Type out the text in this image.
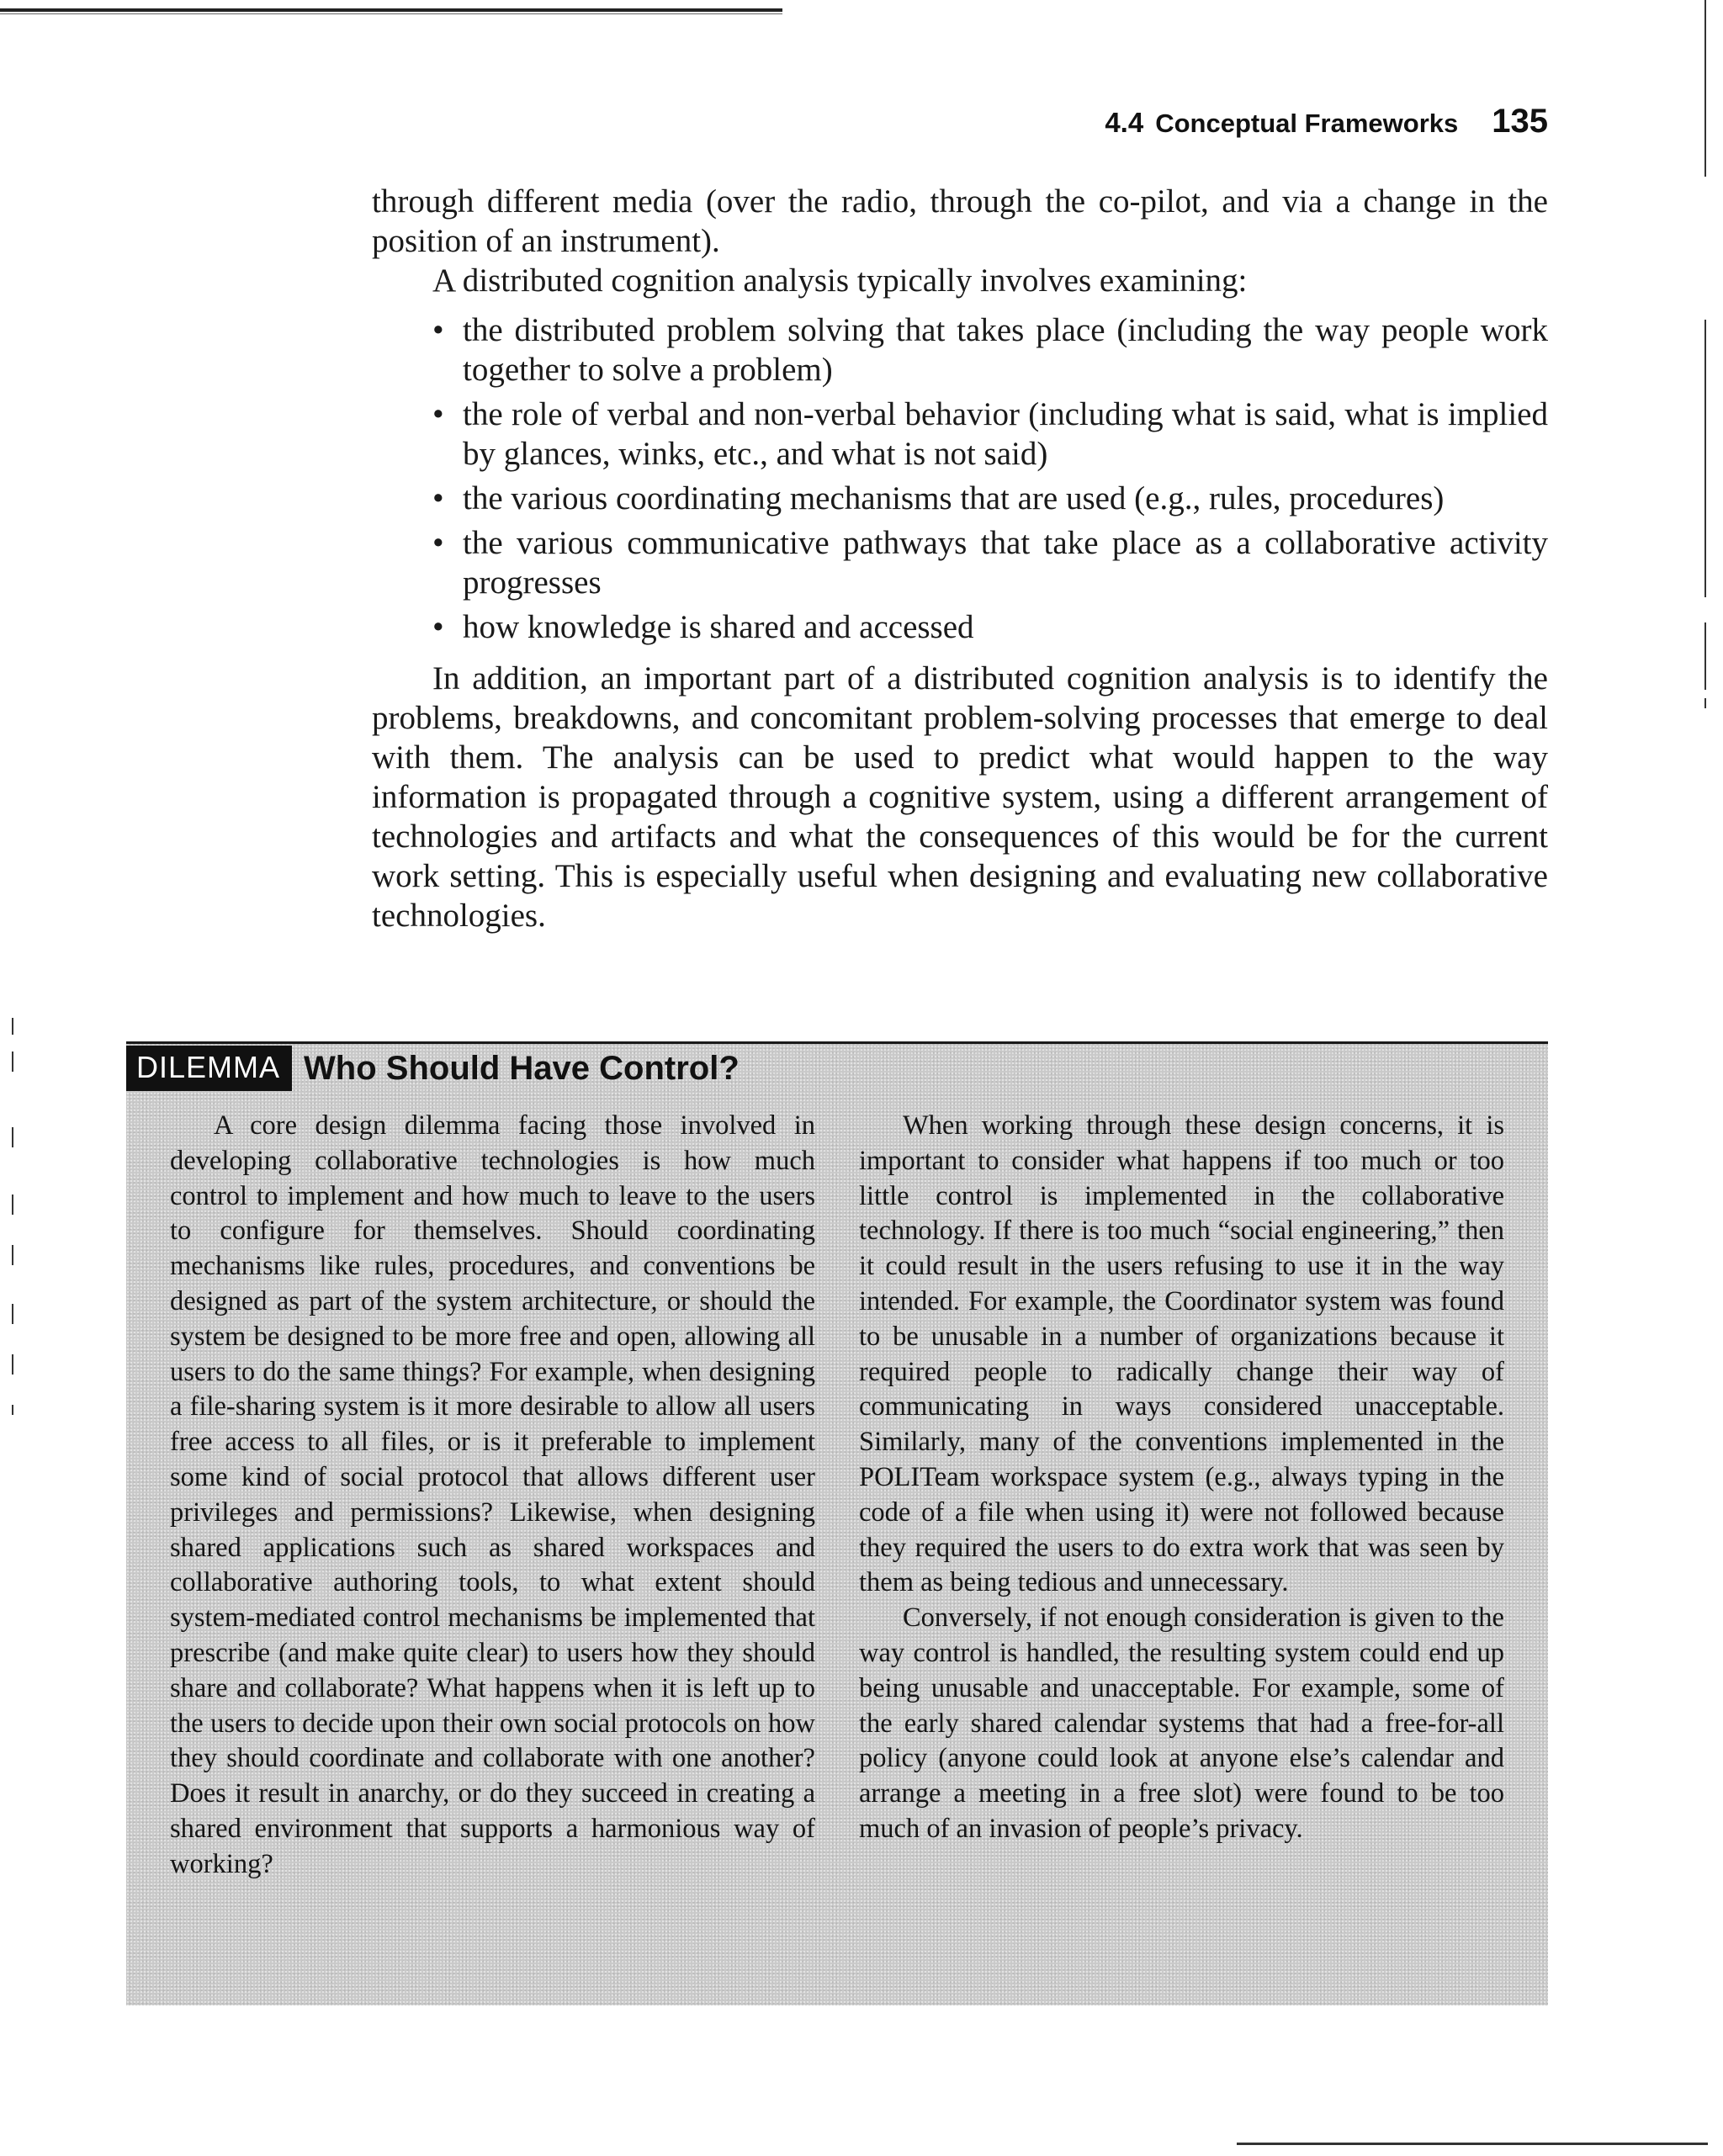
4.4 Conceptual Frameworks 135

through different media (over the radio, through the co-pilot, and via a change in the position of an instrument).

A distributed cognition analysis typically involves examining:

• the distributed problem solving that takes place (including the way people work together to solve a problem)
• the role of verbal and non-verbal behavior (including what is said, what is implied by glances, winks, etc., and what is not said)
• the various coordinating mechanisms that are used (e.g., rules, procedures)
• the various communicative pathways that take place as a collaborative activity progresses
• how knowledge is shared and accessed

In addition, an important part of a distributed cognition analysis is to identify the problems, breakdowns, and concomitant problem-solving processes that emerge to deal with them. The analysis can be used to predict what would happen to the way information is propagated through a cognitive system, using a different arrangement of technologies and artifacts and what the consequences of this would be for the current work setting. This is especially useful when designing and evaluating new collaborative technologies.

DILEMMA Who Should Have Control?

A core design dilemma facing those involved in developing collaborative technologies is how much control to implement and how much to leave to the users to configure for themselves. Should coordinating mechanisms like rules, procedures, and conventions be designed as part of the system architecture, or should the system be designed to be more free and open, allowing all users to do the same things? For example, when designing a file-sharing system is it more desirable to allow all users free access to all files, or is it preferable to implement some kind of social protocol that allows different user privileges and permissions? Likewise, when designing shared applications such as shared workspaces and collaborative authoring tools, to what extent should system-mediated control mechanisms be implemented that prescribe (and make quite clear) to users how they should share and collaborate? What happens when it is left up to the users to decide upon their own social protocols on how they should coordinate and collaborate with one another? Does it result in anarchy, or do they succeed in creating a shared environment that supports a harmonious way of working?

When working through these design concerns, it is important to consider what happens if too much or too little control is implemented in the collaborative technology. If there is too much “social engineering,” then it could result in the users refusing to use it in the way intended. For example, the Coordinator system was found to be unusable in a number of organizations because it required people to radically change their way of communicating in ways considered unacceptable. Similarly, many of the conventions implemented in the POLITeam workspace system (e.g., always typing in the code of a file when using it) were not followed because they required the users to do extra work that was seen by them as being tedious and unnecessary.

Conversely, if not enough consideration is given to the way control is handled, the resulting system could end up being unusable and unacceptable. For example, some of the early shared calendar systems that had a free-for-all policy (anyone could look at anyone else’s calendar and arrange a meeting in a free slot) were found to be too much of an invasion of people’s privacy.
